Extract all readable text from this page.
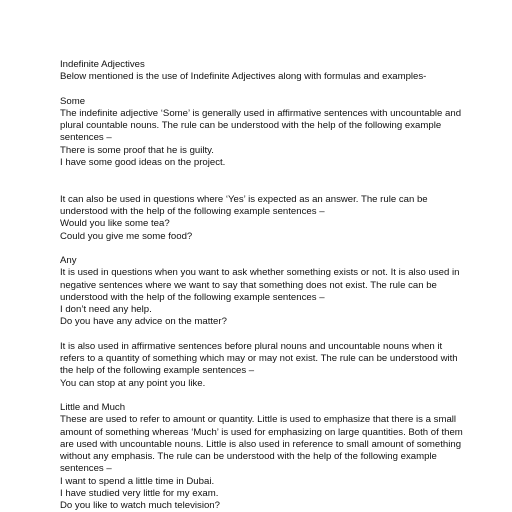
Indefinite Adjectives
Below mentioned is the use of Indefinite Adjectives along with formulas and examples-
Some
The indefinite adjective ‘Some’ is generally used in affirmative sentences with uncountable and
plural countable nouns. The rule can be understood with the help of the following example
sentences –
There is some proof that he is guilty.
I have some good ideas on the project.
It can also be used in questions where ‘Yes’ is expected as an answer. The rule can be
understood with the help of the following example sentences –
Would you like some tea?
Could you give me some food?
Any
It is used in questions when you want to ask whether something exists or not. It is also used in
negative sentences where we want to say that something does not exist. The rule can be
understood with the help of the following example sentences –
I don’t need any help.
Do you have any advice on the matter?
It is also used in affirmative sentences before plural nouns and uncountable nouns when it
refers to a quantity of something which may or may not exist. The rule can be understood with
the help of the following example sentences –
You can stop at any point you like.
Little and Much
These are used to refer to amount or quantity. Little is used to emphasize that there is a small
amount of something whereas ‘Much’ is used for emphasizing on large quantities. Both of them
are used with uncountable nouns. Little is also used in reference to small amount of something
without any emphasis. The rule can be understood with the help of the following example
sentences –
I want to spend a little time in Dubai.
I have studied very little for my exam.
Do you like to watch much television?
